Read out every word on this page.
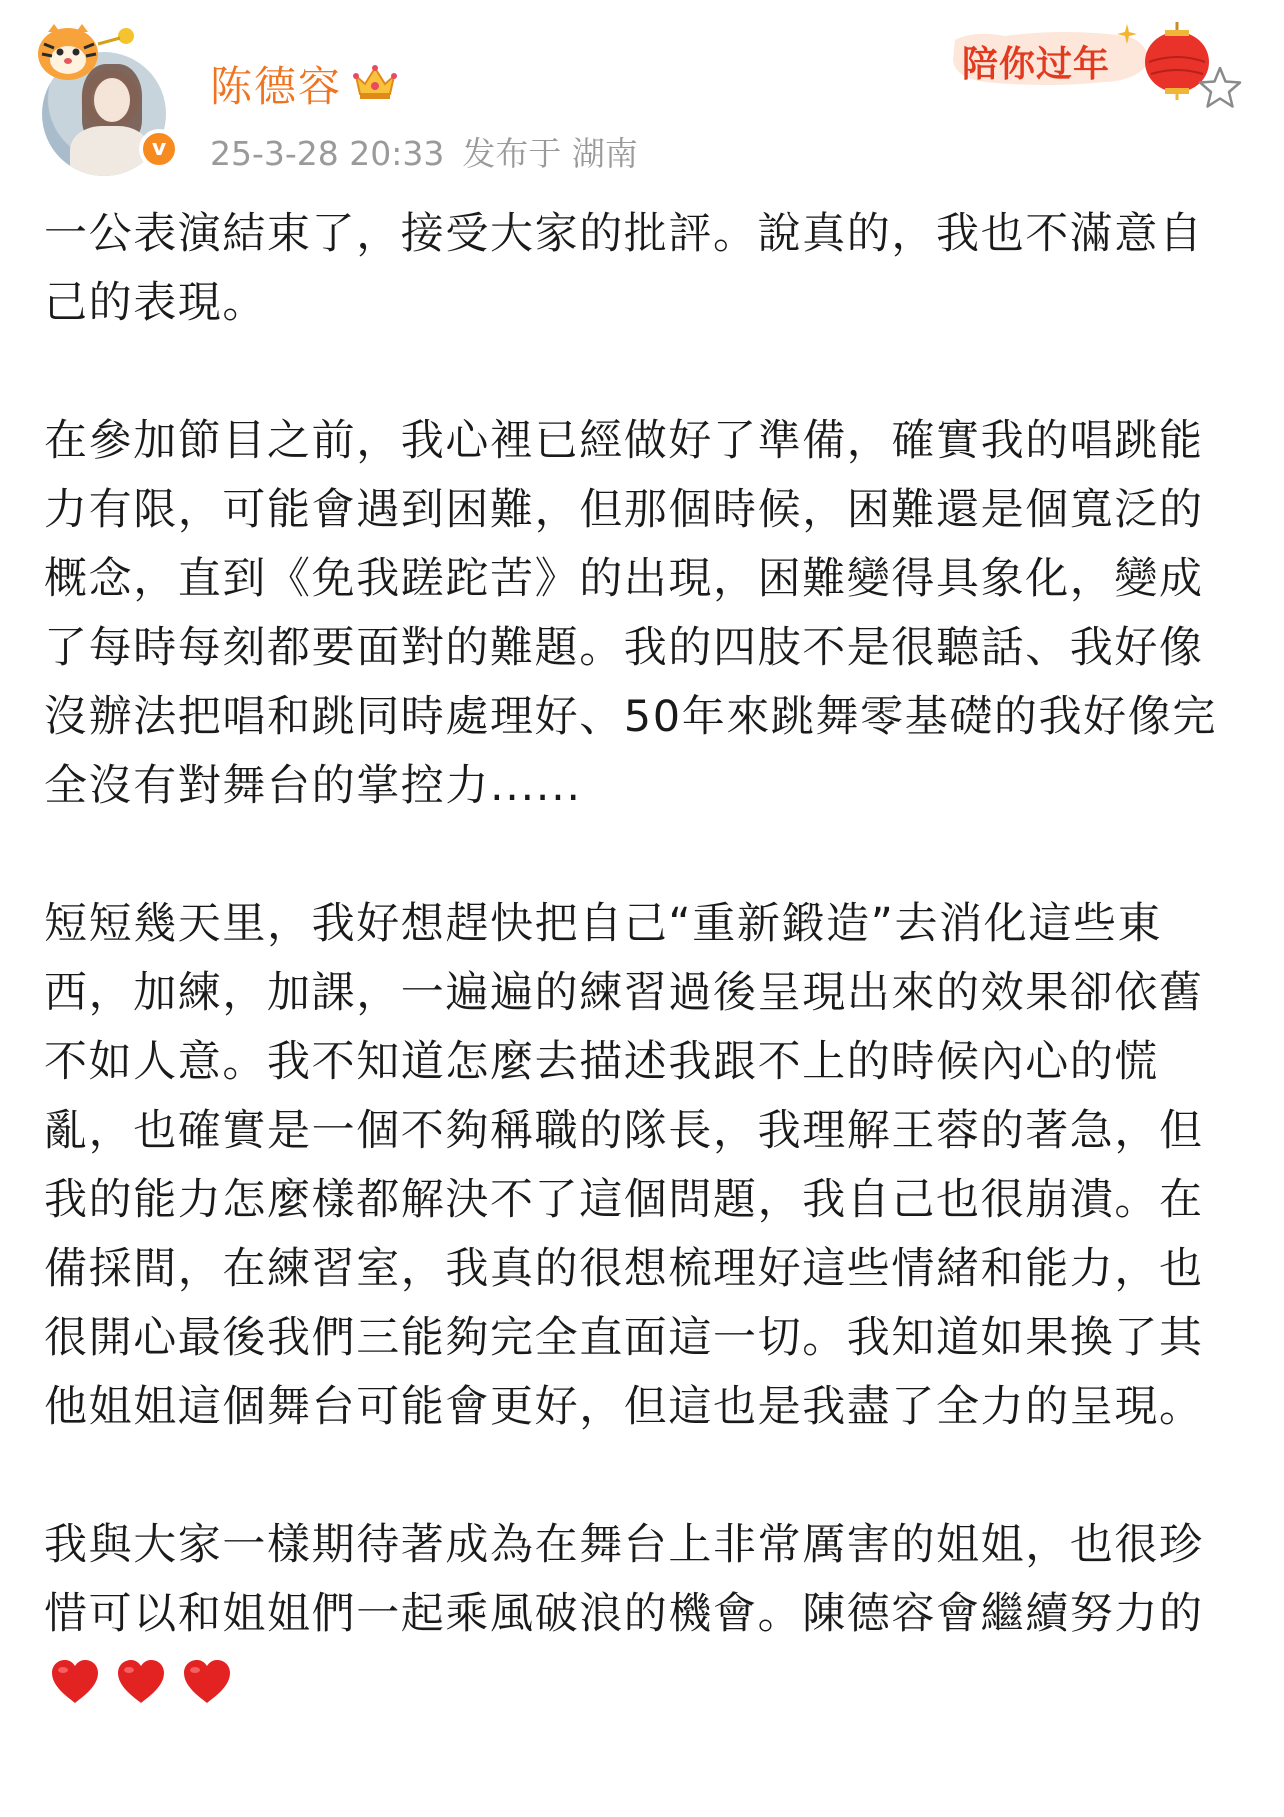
v
陈德容
25-3-28 20:33 发布于 湖南
陪你过年

一公表演結束了，接受大家的批評。說真的，我也不滿意自己的表現。

在參加節目之前，我心裡已經做好了準備，確實我的唱跳能力有限，可能會遇到困難，但那個時候，困難還是個寬泛的概念，直到《免我蹉跎苦》的出現，困難變得具象化，變成了每時每刻都要面對的難題。我的四肢不是很聽話、我好像沒辦法把唱和跳同時處理好、50年來跳舞零基礎的我好像完全沒有對舞台的掌控力......

短短幾天里，我好想趕快把自己“重新鍛造”去消化這些東西，加練，加課，一遍遍的練習過後呈現出來的效果卻依舊不如人意。我不知道怎麼去描述我跟不上的時候內心的慌亂，也確實是一個不夠稱職的隊長，我理解王蓉的著急，但我的能力怎麼樣都解決不了這個問題，我自己也很崩潰。在備採間，在練習室，我真的很想梳理好這些情緒和能力，也很開心最後我們三能夠完全直面這一切。我知道如果換了其他姐姐這個舞台可能會更好，但這也是我盡了全力的呈現。

我與大家一樣期待著成為在舞台上非常厲害的姐姐，也很珍惜可以和姐姐們一起乘風破浪的機會。陳德容會繼續努力的
